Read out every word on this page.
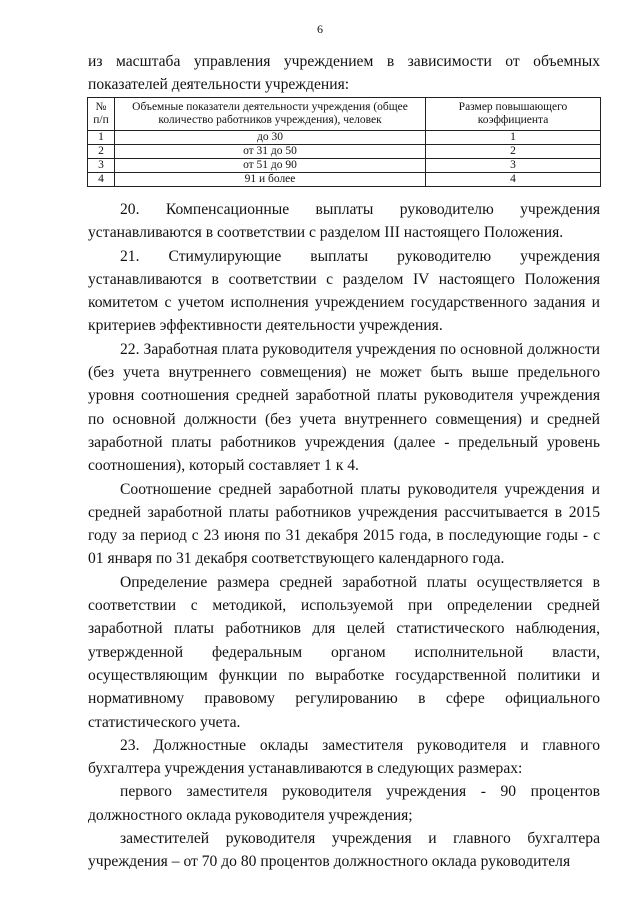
6
из масштаба управления учреждением в зависимости от объемных показателей деятельности учреждения:
№ п/п	Объемные показатели деятельности учреждения (общее количество работников учреждения), человек	Размер повышающего коэффициента
1	до 30	1
2	от 31 до 50	2
3	от 51 до 90	3
4	91 и более	4

20. Компенсационные выплаты руководителю учреждения устанавливаются в соответствии с разделом III настоящего Положения.

21. Стимулирующие выплаты руководителю учреждения устанавливаются в соответствии с разделом IV настоящего Положения комитетом с учетом исполнения учреждением государственного задания и критериев эффективности деятельности учреждения.

22. Заработная плата руководителя учреждения по основной должности (без учета внутреннего совмещения) не может быть выше предельного уровня соотношения средней заработной платы руководителя учреждения по основной должности (без учета внутреннего совмещения) и средней заработной платы работников учреждения (далее - предельный уровень соотношения), который составляет 1 к 4.

Соотношение средней заработной платы руководителя учреждения и средней заработной платы работников учреждения рассчитывается в 2015 году за период с 23 июня по 31 декабря 2015 года, в последующие годы - с 01 января по 31 декабря соответствующего календарного года.

Определение размера средней заработной платы осуществляется в соответствии с методикой, используемой при определении средней заработной платы работников для целей статистического наблюдения, утвержденной федеральным органом исполнительной власти, осуществляющим функции по выработке государственной политики и нормативному правовому регулированию в сфере официального статистического учета.

23. Должностные оклады заместителя руководителя и главного бухгалтера учреждения устанавливаются в следующих размерах:

первого заместителя руководителя учреждения - 90 процентов должностного оклада руководителя учреждения;

заместителей руководителя учреждения и главного бухгалтера учреждения – от 70 до 80 процентов должностного оклада руководителя
